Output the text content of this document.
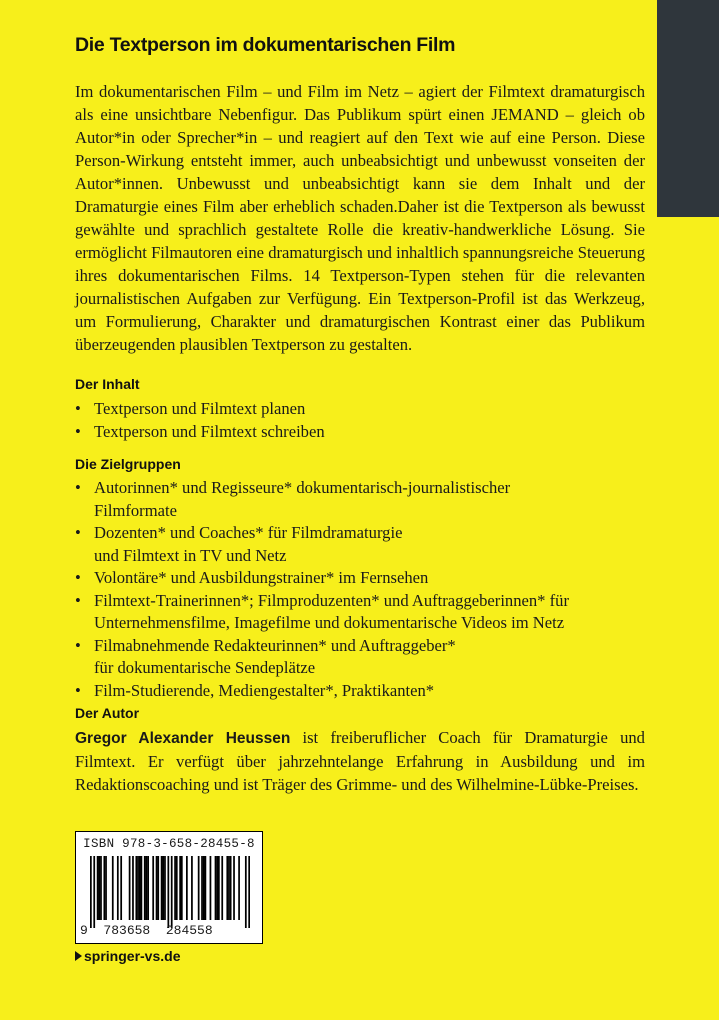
Die Textperson im dokumentarischen Film

Im dokumentarischen Film – und Film im Netz – agiert der Filmtext dramaturgisch als eine unsichtbare Nebenfigur. Das Publikum spürt einen JEMAND – gleich ob Autor*in oder Sprecher*in – und reagiert auf den Text wie auf eine Person. Diese Person-Wirkung entsteht immer, auch unbeabsichtigt und unbewusst vonseiten der Autor*innen. Unbewusst und unbeabsichtigt kann sie dem Inhalt und der Dramaturgie eines Film aber erheblich schaden.Daher ist die Textperson als bewusst gewählte und sprachlich gestaltete Rolle die kreativ-handwerkliche Lösung. Sie ermöglicht Filmautoren eine dramaturgisch und inhaltlich spannungsreiche Steuerung ihres dokumentarischen Films. 14 Textperson-Typen stehen für die relevanten journalistischen Aufgaben zur Verfügung. Ein Textperson-Profil ist das Werkzeug, um Formulierung, Charakter und dramaturgischen Kontrast einer das Publikum überzeugenden plausiblen Textperson zu gestalten.

Der Inhalt
• Textperson und Filmtext planen
• Textperson und Filmtext schreiben
Die Zielgruppen
• Autorinnen* und Regisseure* dokumentarisch-journalistischer
Filmformate
• Dozenten* und Coaches* für Filmdramaturgie
und Filmtext in TV und Netz
• Volontäre* und Ausbildungstrainer* im Fernsehen
• Filmtext-Trainerinnen*; Filmproduzenten* und Auftraggeberinnen* für
Unternehmensfilme, Imagefilme und dokumentarische Videos im Netz
• Filmabnehmende Redakteurinnen* und Auftraggeber*
für dokumentarische Sendeplätze
• Film-Studierende, Mediengestalter*, Praktikanten*
Der Autor

Gregor Alexander Heussen ist freiberuflicher Coach für Dramaturgie und Filmtext. Er verfügt über jahrzehntelange Erfahrung in Ausbildung und im Redaktionscoaching und ist Träger des Grimme- und des Wilhelmine-Lübke-Preises.

ISBN 978-3-658-28455-8
9 783658 284558

springer-vs.de
